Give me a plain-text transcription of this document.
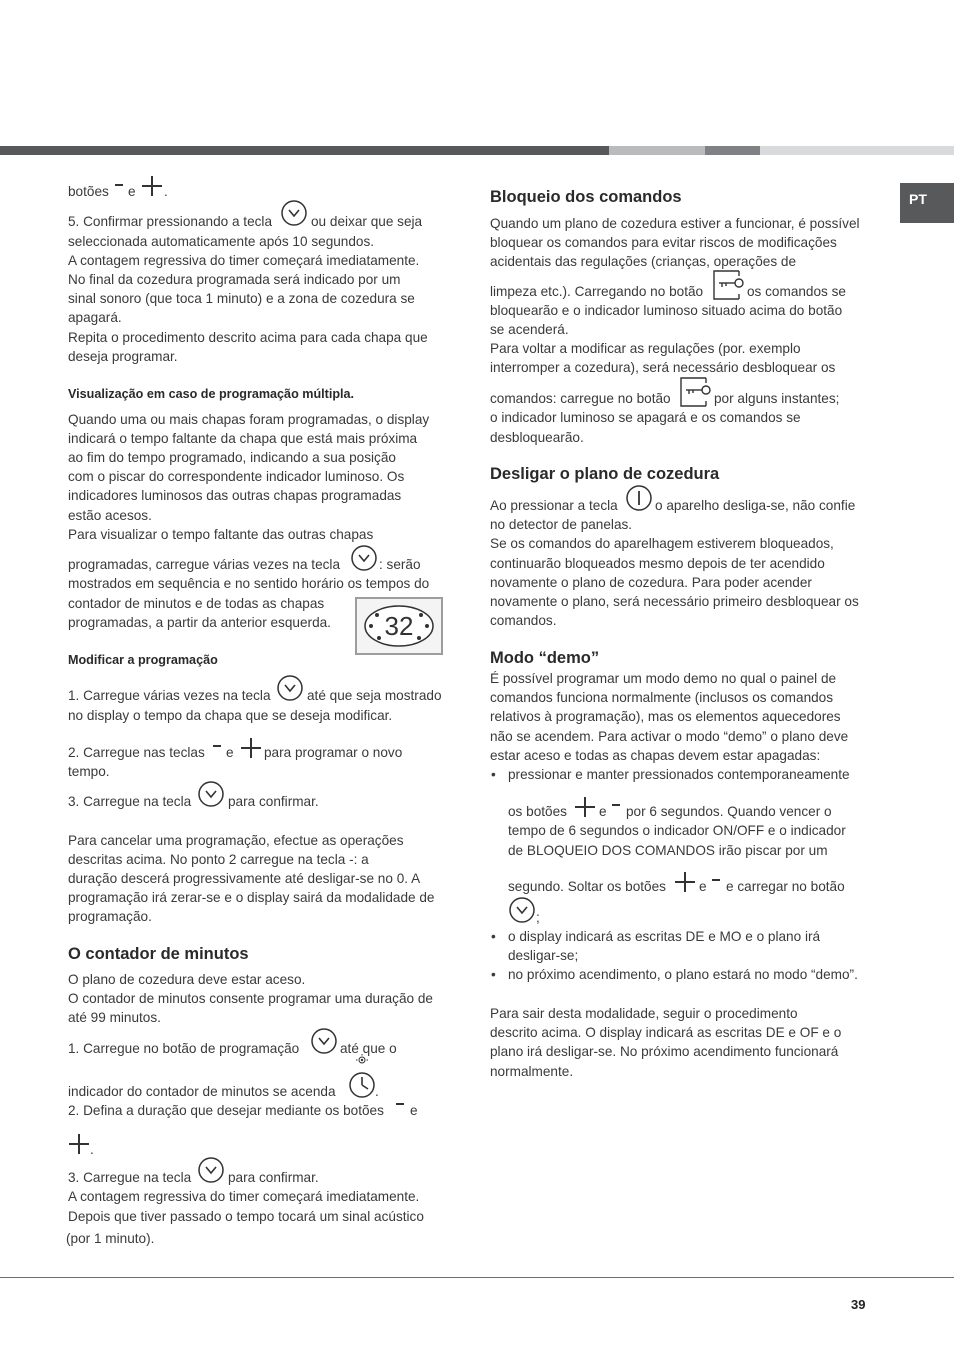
PT
botões e .
5. Confirmar pressionando a tecla	ou deixar que seja
seleccionada automaticamente após 10 segundos.
A contagem regressiva do timer começará imediatamente.
No final da cozedura programada será indicado por um
sinal sonoro (que toca 1 minuto) e a zona de cozedura se
apagará.
Repita o procedimento descrito acima para cada chapa que
deseja programar.
Visualização em caso de programação múltipla.
Quando uma ou mais chapas foram programadas, o display
indicará o tempo faltante da chapa que está mais próxima
ao fim do tempo programado, indicando a sua posição
com o piscar do correspondente indicador luminoso. Os
indicadores luminosos das outras chapas programadas
estão acesos.
Para visualizar o tempo faltante das outras chapas
programadas, carregue várias vezes na tecla	: serão
mostrados em sequência e no sentido horário os tempos do
contador de minutos e de todas as chapas
programadas, a partir da anterior esquerda. 32
Modificar a programação
1. Carregue várias vezes na tecla	até que seja mostrado
no display o tempo da chapa que se deseja modificar.
2. Carregue nas teclas e para programar o novo
tempo.
3. Carregue na tecla	para confirmar.
Para cancelar uma programação, efectue as operações
descritas acima. No ponto 2 carregue na tecla -: a
duração descerá progressivamente até desligar-se no 0. A
programação irá zerar-se e o display sairá da modalidade de
programação.
O contador de minutos
O plano de cozedura deve estar aceso.
O contador de minutos consente programar uma duração de
até 99 minutos.
1. Carregue no botão de programação	até que o
indicador do contador de minutos se acenda	.
2. Defina a duração que desejar mediante os botões e
.
3. Carregue na tecla	para confirmar.
A contagem regressiva do timer começará imediatamente.
Depois que tiver passado o tempo tocará um sinal acústico
(por 1 minuto).
Bloqueio dos comandos
Quando um plano de cozedura estiver a funcionar, é possível
bloquear os comandos para evitar riscos de modificações
acidentais das regulações (crianças, operações de
limpeza etc.). Carregando no botão	os comandos se
bloquearão e o indicador luminoso situado acima do botão
se acenderá.
Para voltar a modificar as regulações (por. exemplo
interromper a cozedura), será necessário desbloquear os
comandos: carregue no botão	por alguns instantes;
o indicador luminoso se apagará e os comandos se
desbloquearão.
Desligar o plano de cozedura
Ao pressionar a tecla	o aparelho desliga-se, não confie
no detector de panelas.
Se os comandos do aparelhagem estiverem bloqueados,
continuarão bloqueados mesmo depois de ter acendido
novamente o plano de cozedura. Para poder acender
novamente o plano, será necessário primeiro desbloquear os
comandos.
Modo “demo”
É possível programar um modo demo no qual o painel de
comandos funciona normalmente (inclusos os comandos
relativos à programação), mas os elementos aquecedores
não se acendem. Para activar o modo “demo” o plano deve
estar aceso e todas as chapas devem estar apagadas:
• pressionar e manter pressionados contemporaneamente
os botões e por 6 segundos. Quando vencer o
tempo de 6 segundos o indicador ON/OFF e o indicador
de BLOQUEIO DOS COMANDOS irão piscar por um
segundo. Soltar os botões e e carregar no botão
;
• o display indicará as escritas DE e MO e o plano irá
desligar-se;
• no próximo acendimento, o plano estará no modo “demo”.
Para sair desta modalidade, seguir o procedimento
descrito acima. O display indicará as escritas DE e OF e o
plano irá desligar-se. No próximo acendimento funcionará
normalmente.
39
